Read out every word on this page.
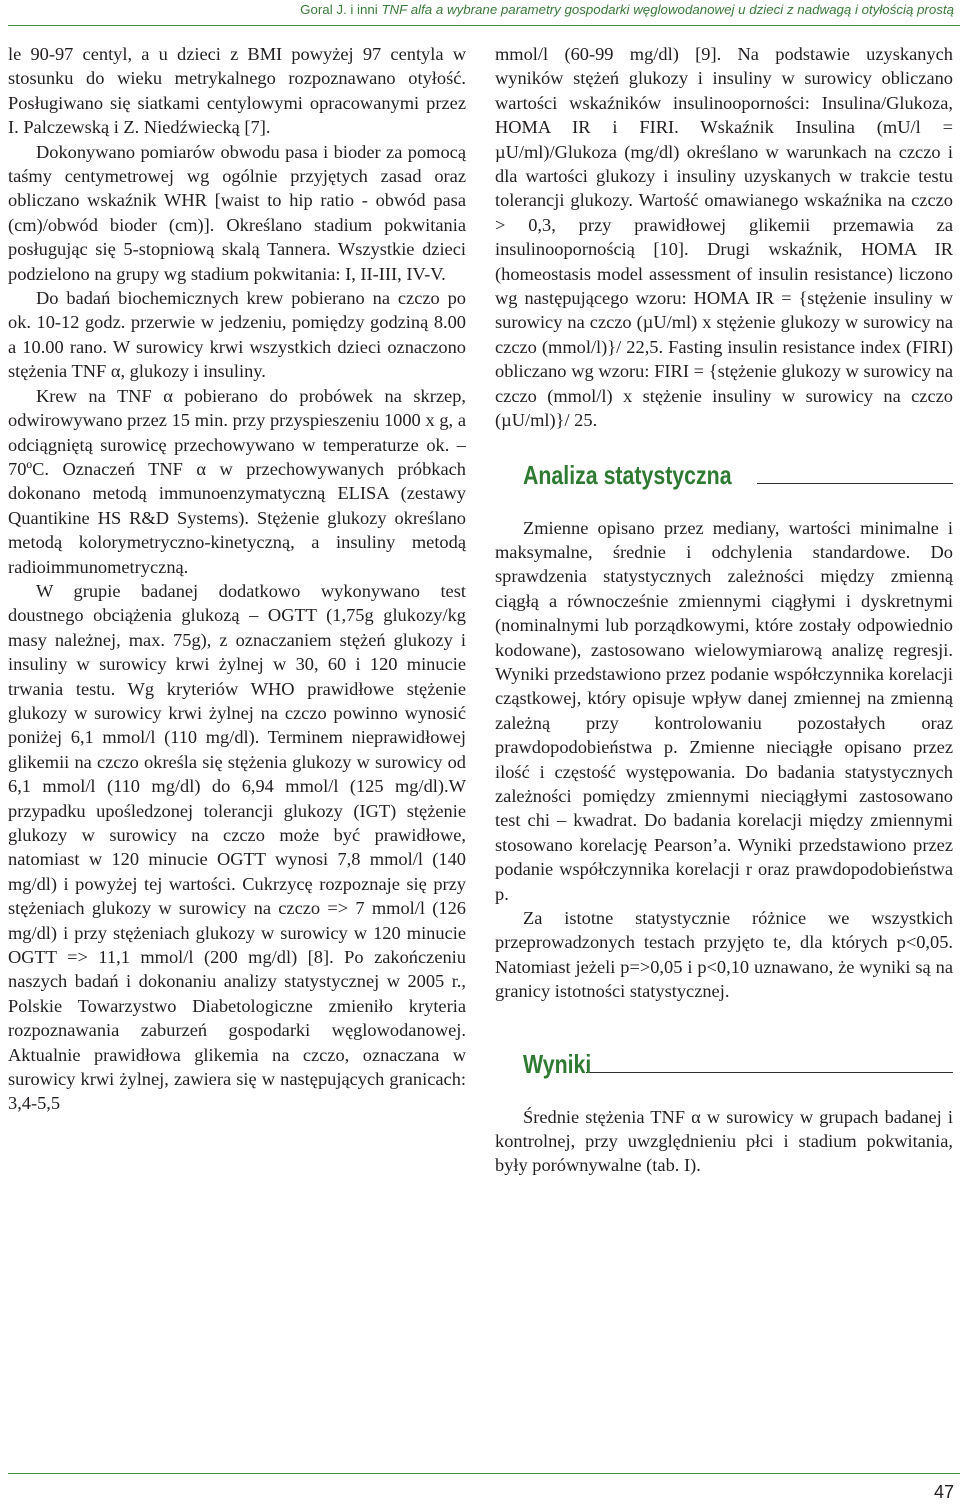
Goral J. i inni TNF alfa a wybrane parametry gospodarki węglowodanowej u dzieci z nadwagą i otyłością prostą

le 90-97 centyl, a u dzieci z BMI powyżej 97 centyla w stosunku do wieku metrykalnego rozpoznawano otyłość. Posługiwano się siatkami centylowymi opracowanymi przez I. Palczewską i Z. Niedźwiecką [7].

Dokonywano pomiarów obwodu pasa i bioder za pomocą taśmy centymetrowej wg ogólnie przyjętych zasad oraz obliczano wskaźnik WHR [waist to hip ratio - obwód pasa (cm)/obwód bioder (cm)]. Określano stadium pokwitania posługując się 5-stopniową skalą Tannera. Wszystkie dzieci podzielono na grupy wg stadium pokwitania: I, II-III, IV-V.

Do badań biochemicznych krew pobierano na czczo po ok. 10-12 godz. przerwie w jedzeniu, pomiędzy godziną 8.00 a 10.00 rano. W surowicy krwi wszystkich dzieci oznaczono stężenia TNF α, glukozy i insuliny.

Krew na TNF α pobierano do probówek na skrzep, odwirowywano przez 15 min. przy przyspieszeniu 1000 x g, a odciągniętą surowicę przechowywano w temperaturze ok. –70ºC. Oznaczeń TNF α w przechowywanych próbkach dokonano metodą immunoenzymatyczną ELISA (zestawy Quantikine HS R&D Systems). Stężenie glukozy określano metodą kolorymetryczno-kinetyczną, a insuliny metodą radioimmunometryczną.

W grupie badanej dodatkowo wykonywano test doustnego obciążenia glukozą – OGTT (1,75g glukozy/kg masy należnej, max. 75g), z oznaczaniem stężeń glukozy i insuliny w surowicy krwi żylnej w 30, 60 i 120 minucie trwania testu. Wg kryteriów WHO prawidłowe stężenie glukozy w surowicy krwi żylnej na czczo powinno wynosić poniżej 6,1 mmol/l (110 mg/dl). Terminem nieprawidłowej glikemii na czczo określa się stężenia glukozy w surowicy od 6,1 mmol/l (110 mg/dl) do 6,94 mmol/l (125 mg/dl).W przypadku upośledzonej tolerancji glukozy (IGT) stężenie glukozy w surowicy na czczo może być prawidłowe, natomiast w 120 minucie OGTT wynosi 7,8 mmol/l (140 mg/dl) i powyżej tej wartości. Cukrzycę rozpoznaje się przy stężeniach glukozy w surowicy na czczo => 7 mmol/l (126 mg/dl) i przy stężeniach glukozy w surowicy w 120 minucie OGTT => 11,1 mmol/l (200 mg/dl) [8]. Po zakończeniu naszych badań i dokonaniu analizy statystycznej w 2005 r., Polskie Towarzystwo Diabetologiczne zmieniło kryteria rozpoznawania zaburzeń gospodarki węglowodanowej. Aktualnie prawidłowa glikemia na czczo, oznaczana w surowicy krwi żylnej, zawiera się w następujących granicach: 3,4-5,5

mmol/l (60-99 mg/dl) [9]. Na podstawie uzyskanych wyników stężeń glukozy i insuliny w surowicy obliczano wartości wskaźników insulinooporności: Insulina/Glukoza, HOMA IR i FIRI. Wskaźnik Insulina (mU/l = µU/ml)/Glukoza (mg/dl) określano w warunkach na czczo i dla wartości glukozy i insuliny uzyskanych w trakcie testu tolerancji glukozy. Wartość omawianego wskaźnika na czczo > 0,3, przy prawidłowej glikemii przemawia za insulinoopornością [10]. Drugi wskaźnik, HOMA IR (homeostasis model assessment of insulin resistance) liczono wg następującego wzoru: HOMA IR = {stężenie insuliny w surowicy na czczo (µU/ml) x stężenie glukozy w surowicy na czczo (mmol/l)}/ 22,5. Fasting insulin resistance index (FIRI) obliczano wg wzoru: FIRI = {stężenie glukozy w surowicy na czczo (mmol/l) x stężenie insuliny w surowicy na czczo (µU/ml)}/ 25.

Analiza statystyczna

Zmienne opisano przez mediany, wartości minimalne i maksymalne, średnie i odchylenia standardowe. Do sprawdzenia statystycznych zależności między zmienną ciągłą a równocześnie zmiennymi ciągłymi i dyskretnymi (nominalnymi lub porządkowymi, które zostały odpowiednio kodowane), zastosowano wielowymiarową analizę regresji. Wyniki przedstawiono przez podanie współczynnika korelacji cząstkowej, który opisuje wpływ danej zmiennej na zmienną zależną przy kontrolowaniu pozostałych oraz prawdopodobieństwa p. Zmienne nieciągłe opisano przez ilość i częstość występowania. Do badania statystycznych zależności pomiędzy zmiennymi nieciągłymi zastosowano test chi – kwadrat. Do badania korelacji między zmiennymi stosowano korelację Pearson’a. Wyniki przedstawiono przez podanie współczynnika korelacji r oraz prawdopodobieństwa p.

Za istotne statystycznie różnice we wszystkich przeprowadzonych testach przyjęto te, dla których p<0,05. Natomiast jeżeli p=>0,05 i p<0,10 uznawano, że wyniki są na granicy istotności statystycznej.

Wyniki

Średnie stężenia TNF α w surowicy w grupach badanej i kontrolnej, przy uwzględnieniu płci i stadium pokwitania, były porównywalne (tab. I).

47
